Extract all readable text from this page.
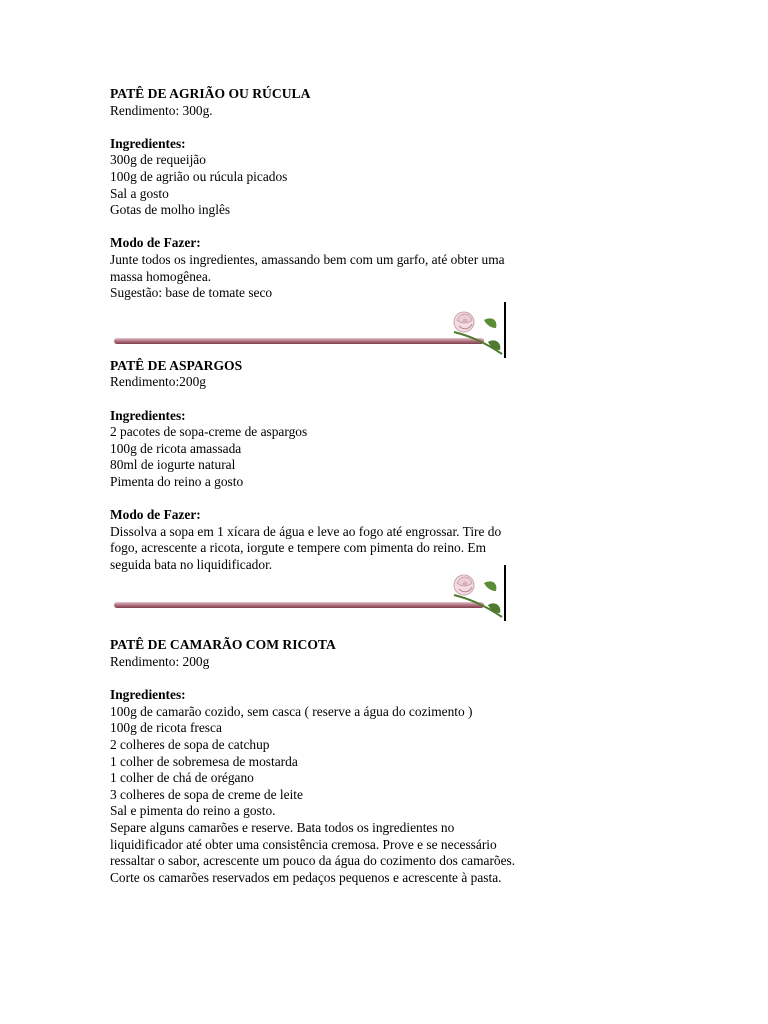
PATÊ DE AGRIÃO OU RÚCULA

Rendimento: 300g.

Ingredientes:

300g de requeijão

100g de agrião ou rúcula picados

Sal a gosto

Gotas de molho inglês

Modo de Fazer:

Junte todos os ingredientes, amassando bem com um garfo, até obter uma

massa homogênea.

Sugestão: base de tomate seco

PATÊ DE ASPARGOS

Rendimento:200g

Ingredientes:

2 pacotes de sopa-creme de aspargos

100g de ricota amassada

80ml de iogurte natural

Pimenta do reino a gosto

Modo de Fazer:

Dissolva a sopa em 1 xícara de água e leve ao fogo até engrossar. Tire do

fogo, acrescente a ricota, iorgute e tempere com pimenta do reino. Em

seguida bata no liquidificador.

PATÊ DE CAMARÃO COM RICOTA

Rendimento: 200g

Ingredientes:

100g de camarão cozido, sem casca ( reserve a água do cozimento )

100g de ricota fresca

2 colheres de sopa de catchup

1 colher de sobremesa de mostarda

1 colher de chá de orégano

3 colheres de sopa de creme de leite

Sal e pimenta do reino a gosto.

Separe alguns camarões e reserve. Bata todos os ingredientes no

liquidificador até obter uma consistência cremosa. Prove e se necessário

ressaltar o sabor, acrescente um pouco da água do cozimento dos camarões.

Corte os camarões reservados em pedaços pequenos e acrescente à pasta.
